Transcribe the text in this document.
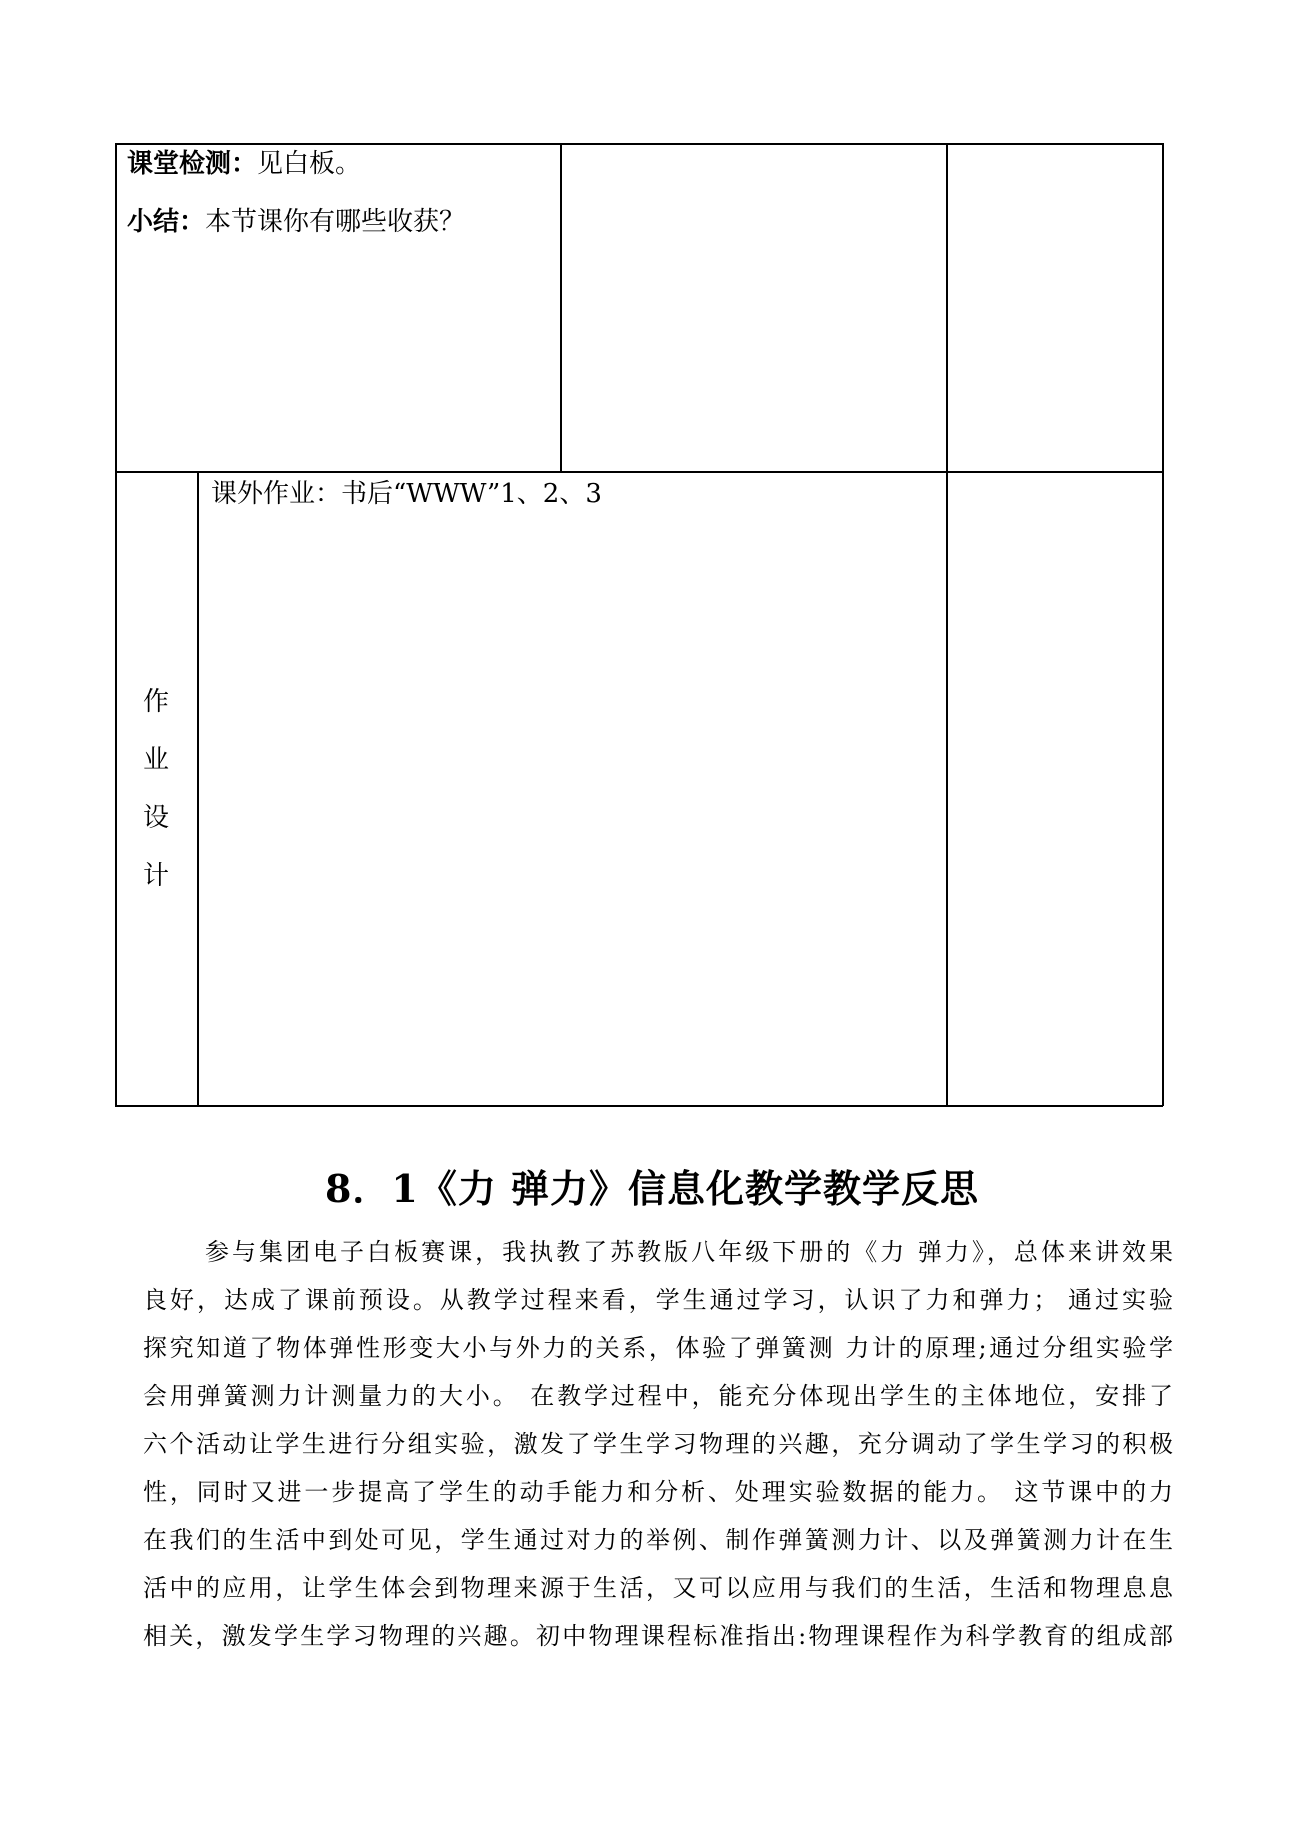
课堂检测：见白板。
小结：本节课你有哪些收获？
作
业
设
计
课外作业：书后“WWW”1、2、3
8．1《力 弹力》信息化教学教学反思
参与集团电子白板赛课，我执教了苏教版八年级下册的《力 弹力》，总体来讲效果
良好，达成了课前预设。从教学过程来看，学生通过学习，认识了力和弹力； 通过实验
探究知道了物体弹性形变大小与外力的关系，体验了弹簧测 力计的原理;通过分组实验学
会用弹簧测力计测量力的大小。 在教学过程中，能充分体现出学生的主体地位，安排了
六个活动让学生进行分组实验，激发了学生学习物理的兴趣，充分调动了学生学习的积极
性，同时又进一步提高了学生的动手能力和分析、处理实验数据的能力。 这节课中的力
在我们的生活中到处可见，学生通过对力的举例、制作弹簧测力计、以及弹簧测力计在生
活中的应用，让学生体会到物理来源于生活，又可以应用与我们的生活，生活和物理息息
相关，激发学生学习物理的兴趣。初中物理课程标准指出:物理课程作为科学教育的组成部
